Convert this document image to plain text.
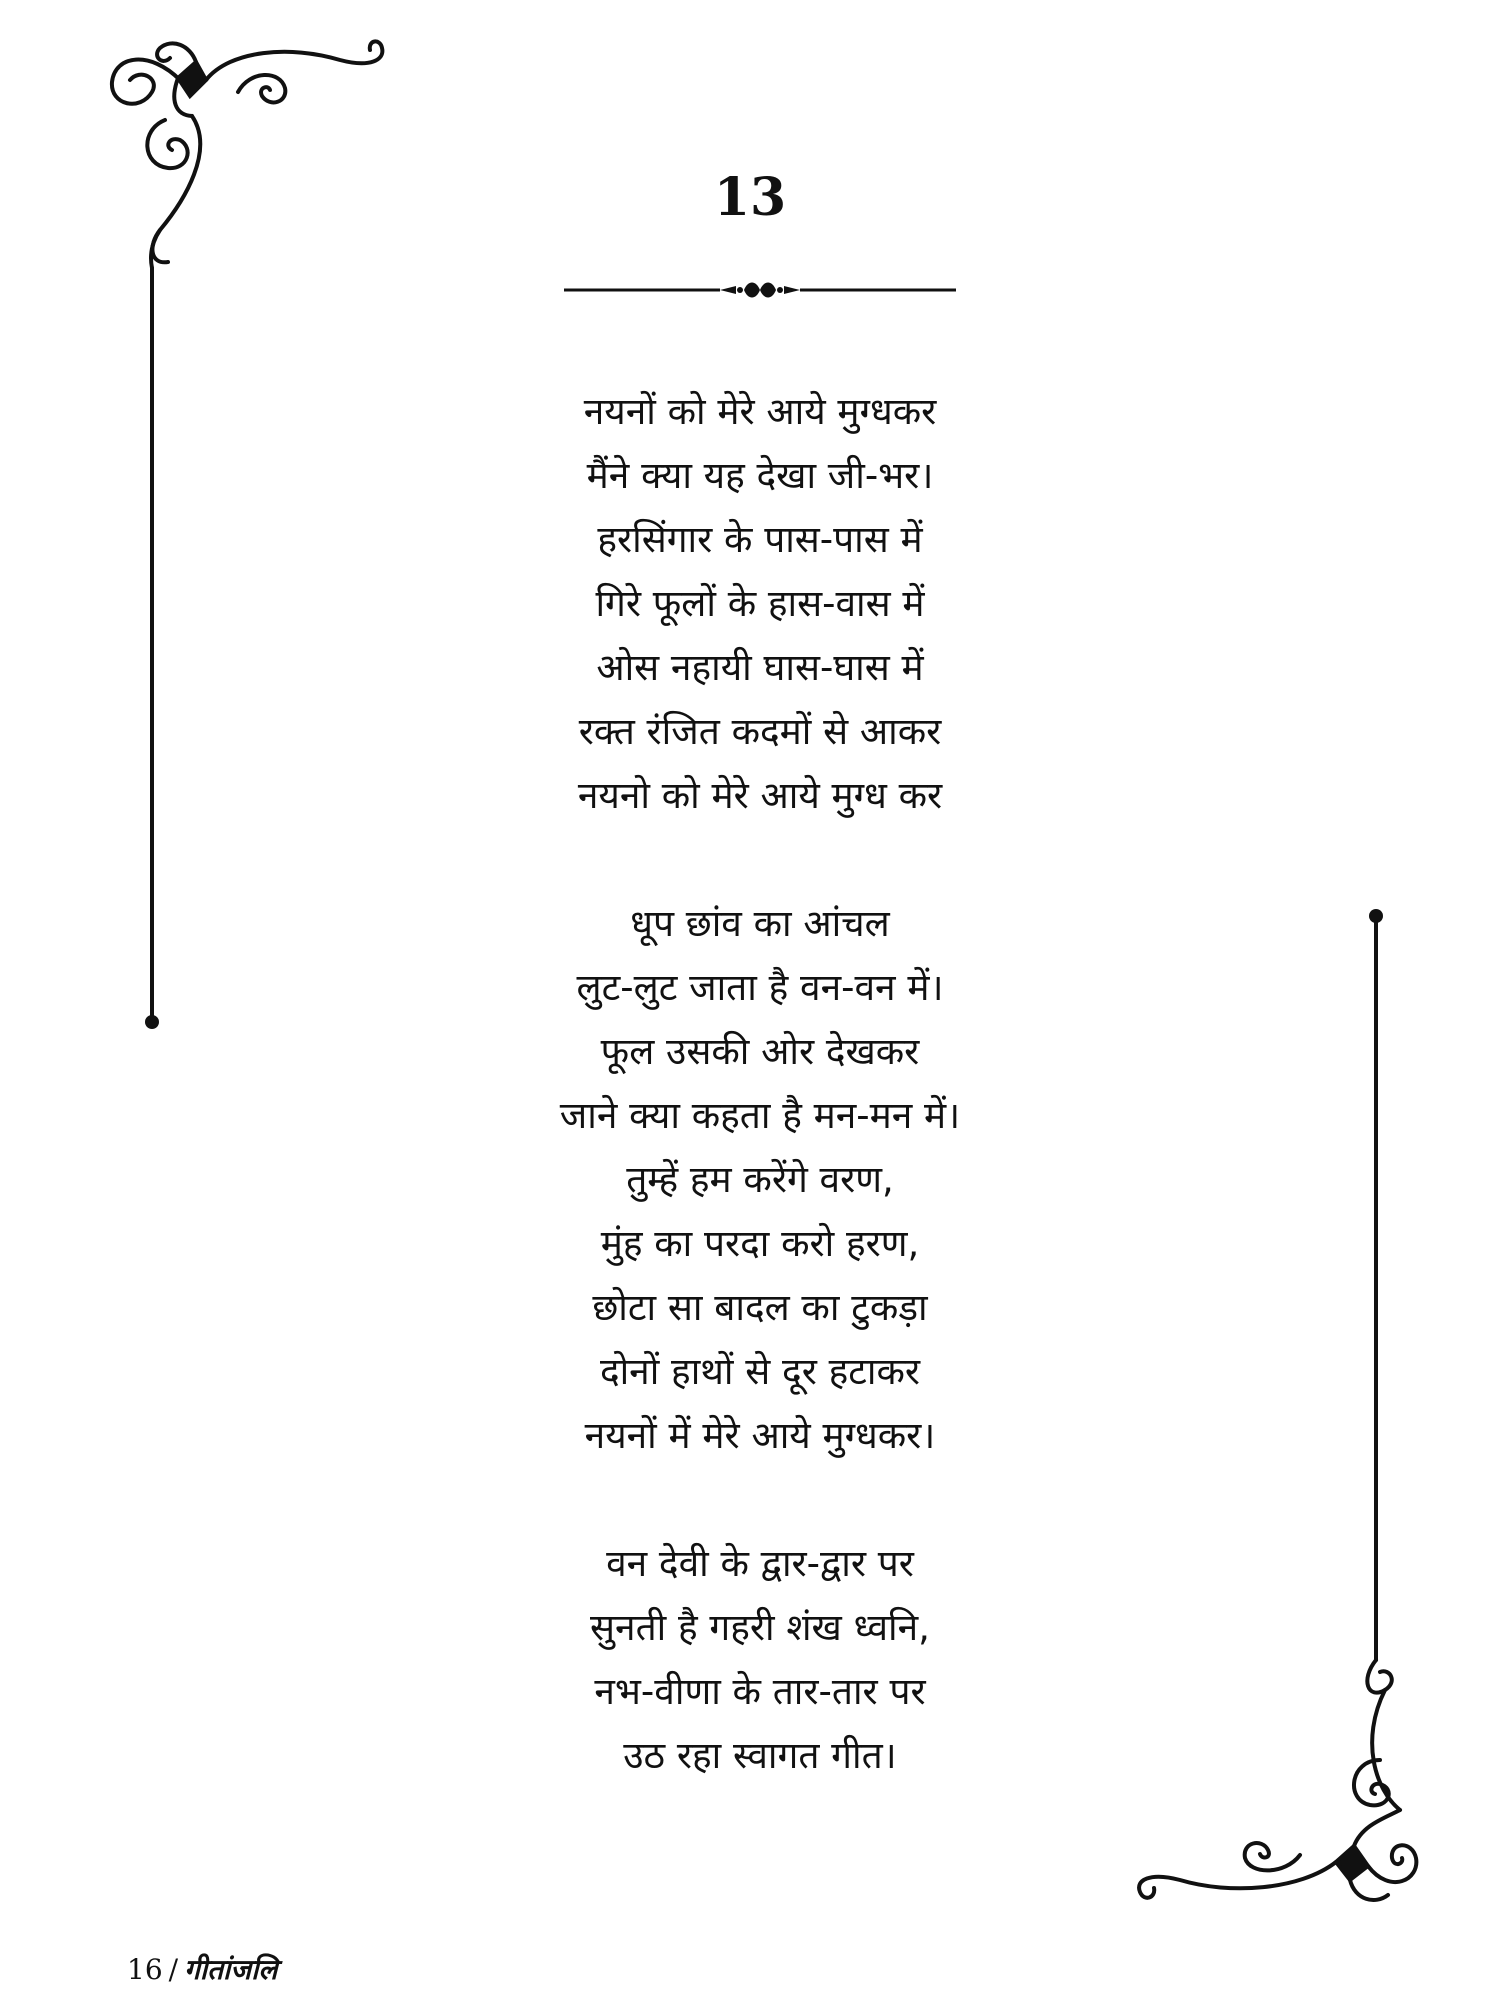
13
नयनों को मेरे आये मुग्धकर
मैंने क्या यह देखा जी-भर।
हरसिंगार के पास-पास में
गिरे फूलों के हास-वास में
ओस नहायी घास-घास में
रक्त रंजित कदमों से आकर
नयनो को मेरे आये मुग्ध कर
धूप छांव का आंचल
लुट-लुट जाता है वन-वन में।
फूल उसकी ओर देखकर
जाने क्या कहता है मन-मन में।
तुम्हें हम करेंगे वरण,
मुंह का परदा करो हरण,
छोटा सा बादल का टुकड़ा
दोनों हाथों से दूर हटाकर
नयनों में मेरे आये मुग्धकर।
वन देवी के द्वार-द्वार पर
सुनती है गहरी शंख ध्वनि,
नभ-वीणा के तार-तार पर
उठ रहा स्वागत गीत।
16 / गीतांजलि
